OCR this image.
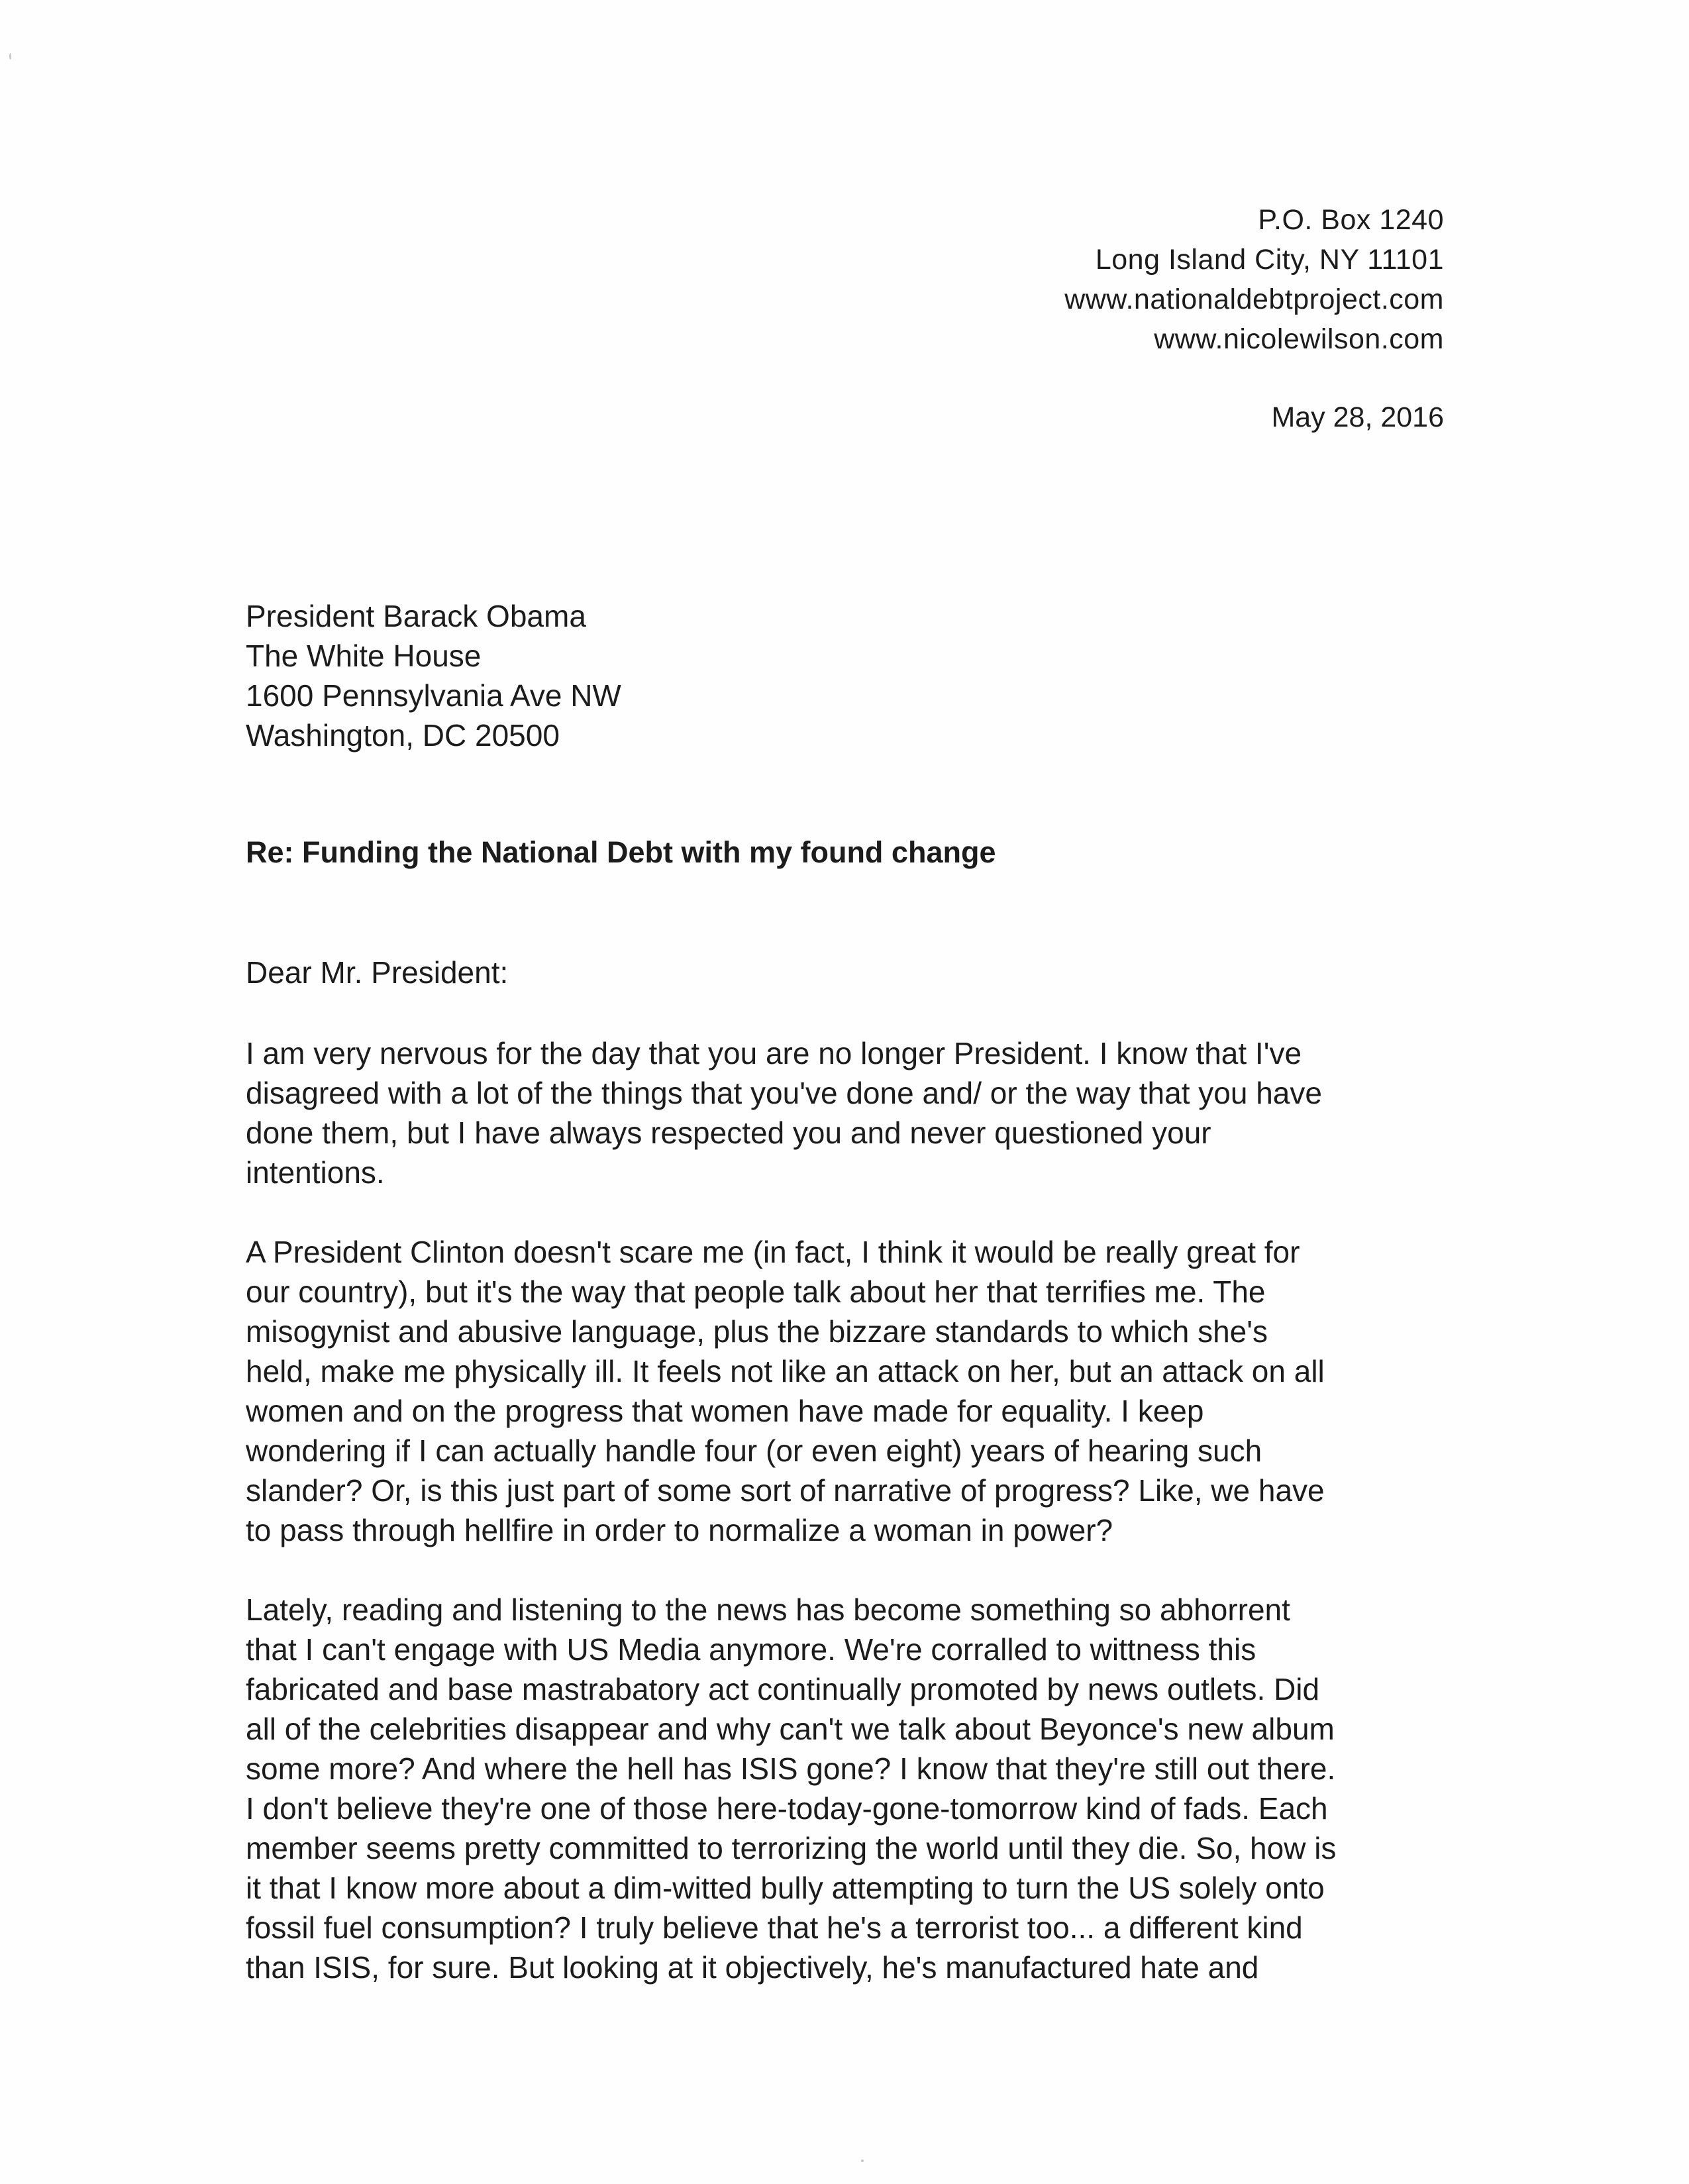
P.O. Box 1240
Long Island City, NY 11101
www.nationaldebtproject.com
www.nicolewilson.com
May 28, 2016
President Barack Obama
The White House
1600 Pennsylvania Ave NW
Washington, DC 20500
Re: Funding the National Debt with my found change
Dear Mr. President:
I am very nervous for the day that you are no longer President. I know that I've
disagreed with a lot of the things that you've done and/ or the way that you have
done them, but I have always respected you and never questioned your
intentions.
A President Clinton doesn't scare me (in fact, I think it would be really great for
our country), but it's the way that people talk about her that terrifies me. The
misogynist and abusive language, plus the bizzare standards to which she's
held, make me physically ill. It feels not like an attack on her, but an attack on all
women and on the progress that women have made for equality. I keep
wondering if I can actually handle four (or even eight) years of hearing such
slander? Or, is this just part of some sort of narrative of progress? Like, we have
to pass through hellfire in order to normalize a woman in power?
Lately, reading and listening to the news has become something so abhorrent
that I can't engage with US Media anymore. We're corralled to wittness this
fabricated and base mastrabatory act continually promoted by news outlets. Did
all of the celebrities disappear and why can't we talk about Beyonce's new album
some more? And where the hell has ISIS gone? I know that they're still out there.
I don't believe they're one of those here-today-gone-tomorrow kind of fads. Each
member seems pretty committed to terrorizing the world until they die. So, how is
it that I know more about a dim-witted bully attempting to turn the US solely onto
fossil fuel consumption? I truly believe that he's a terrorist too... a different kind
than ISIS, for sure. But looking at it objectively, he's manufactured hate and
